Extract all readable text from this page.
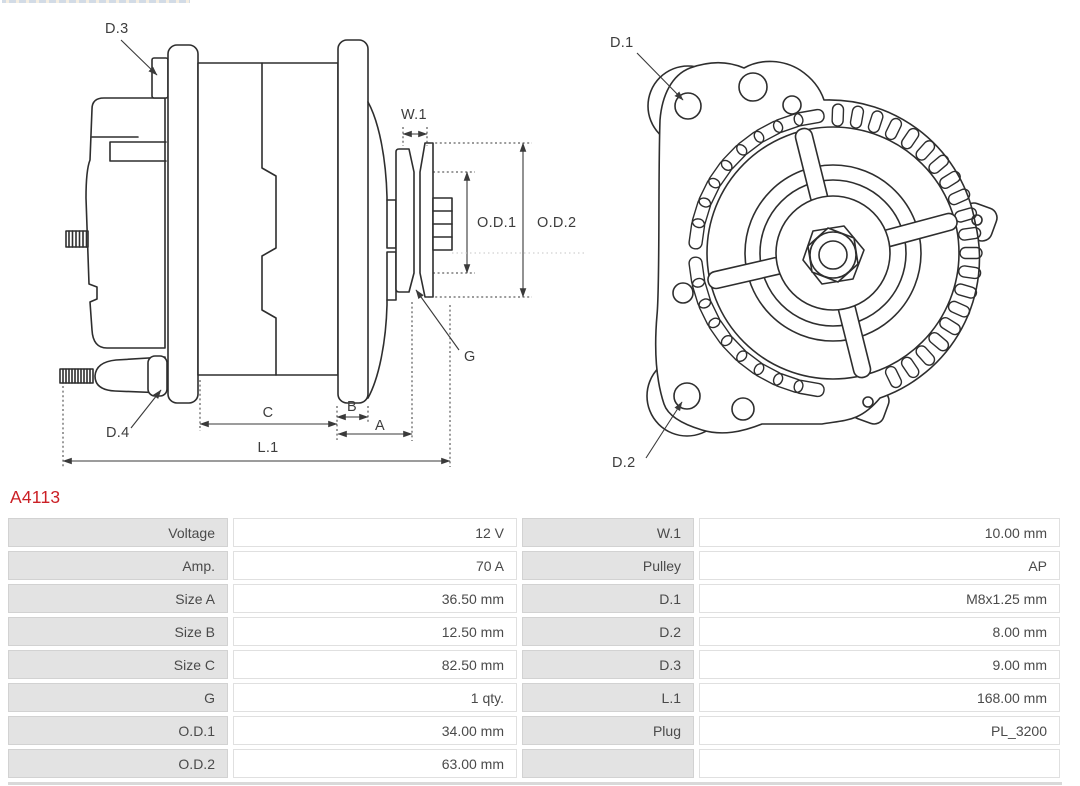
D.3
W.1
O.D.1 O.D.2
G
D.4
C	B
A
L.1
D.1
D.2
A4113
Voltage	12 V	W.1	10.00 mm
Amp.	70 A	Pulley	AP
Size A	36.50 mm	D.1	M8x1.25 mm
Size B	12.50 mm	D.2	8.00 mm
Size C	82.50 mm	D.3	9.00 mm
G	1 qty.	L.1	168.00 mm
O.D.1	34.00 mm	Plug	PL_3200
O.D.2	63.00 mm		
